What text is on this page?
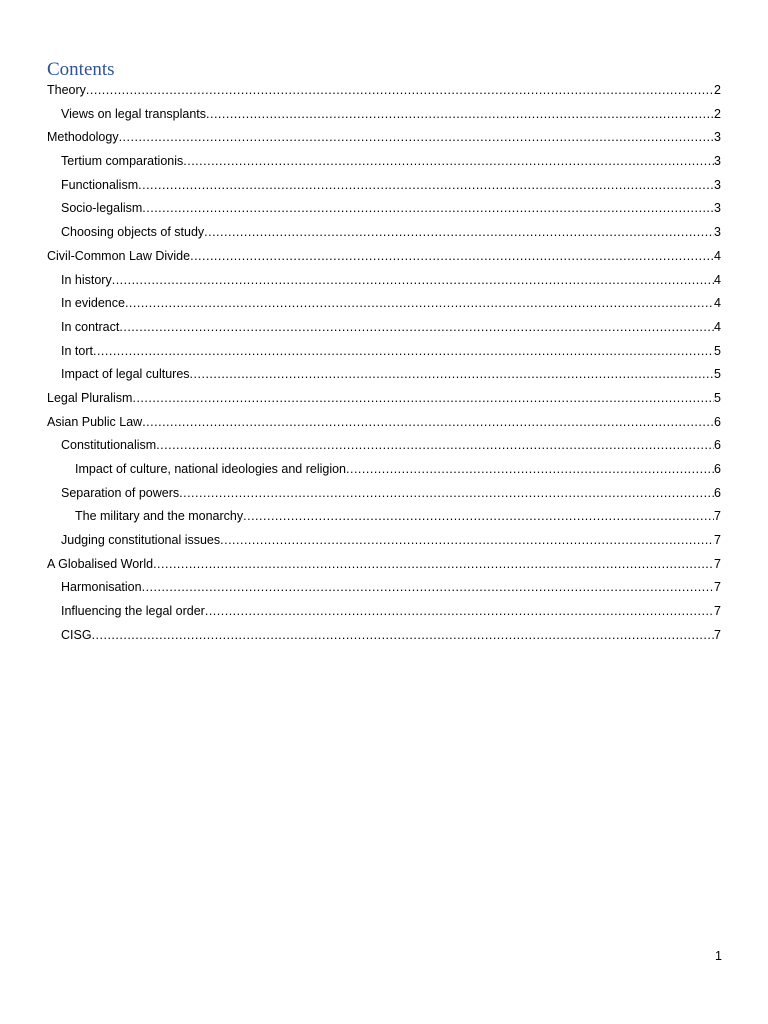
Contents
Theory .....	2
Views on legal transplants .....	2
Methodology .....	3
Tertium comparationis .....	3
Functionalism .....	3
Socio-legalism .....	3
Choosing objects of study .....	3
Civil-Common Law Divide .....	4
In history .....	4
In evidence .....	4
In contract .....	4
In tort .....	5
Impact of legal cultures .....	5
Legal Pluralism .....	5
Asian Public Law .....	6
Constitutionalism .....	6
Impact of culture, national ideologies and religion .....	6
Separation of powers .....	6
The military and the monarchy .....	7
Judging constitutional issues .....	7
A Globalised World .....	7
Harmonisation .....	7
Influencing the legal order .....	7
CISG .....	7
1
